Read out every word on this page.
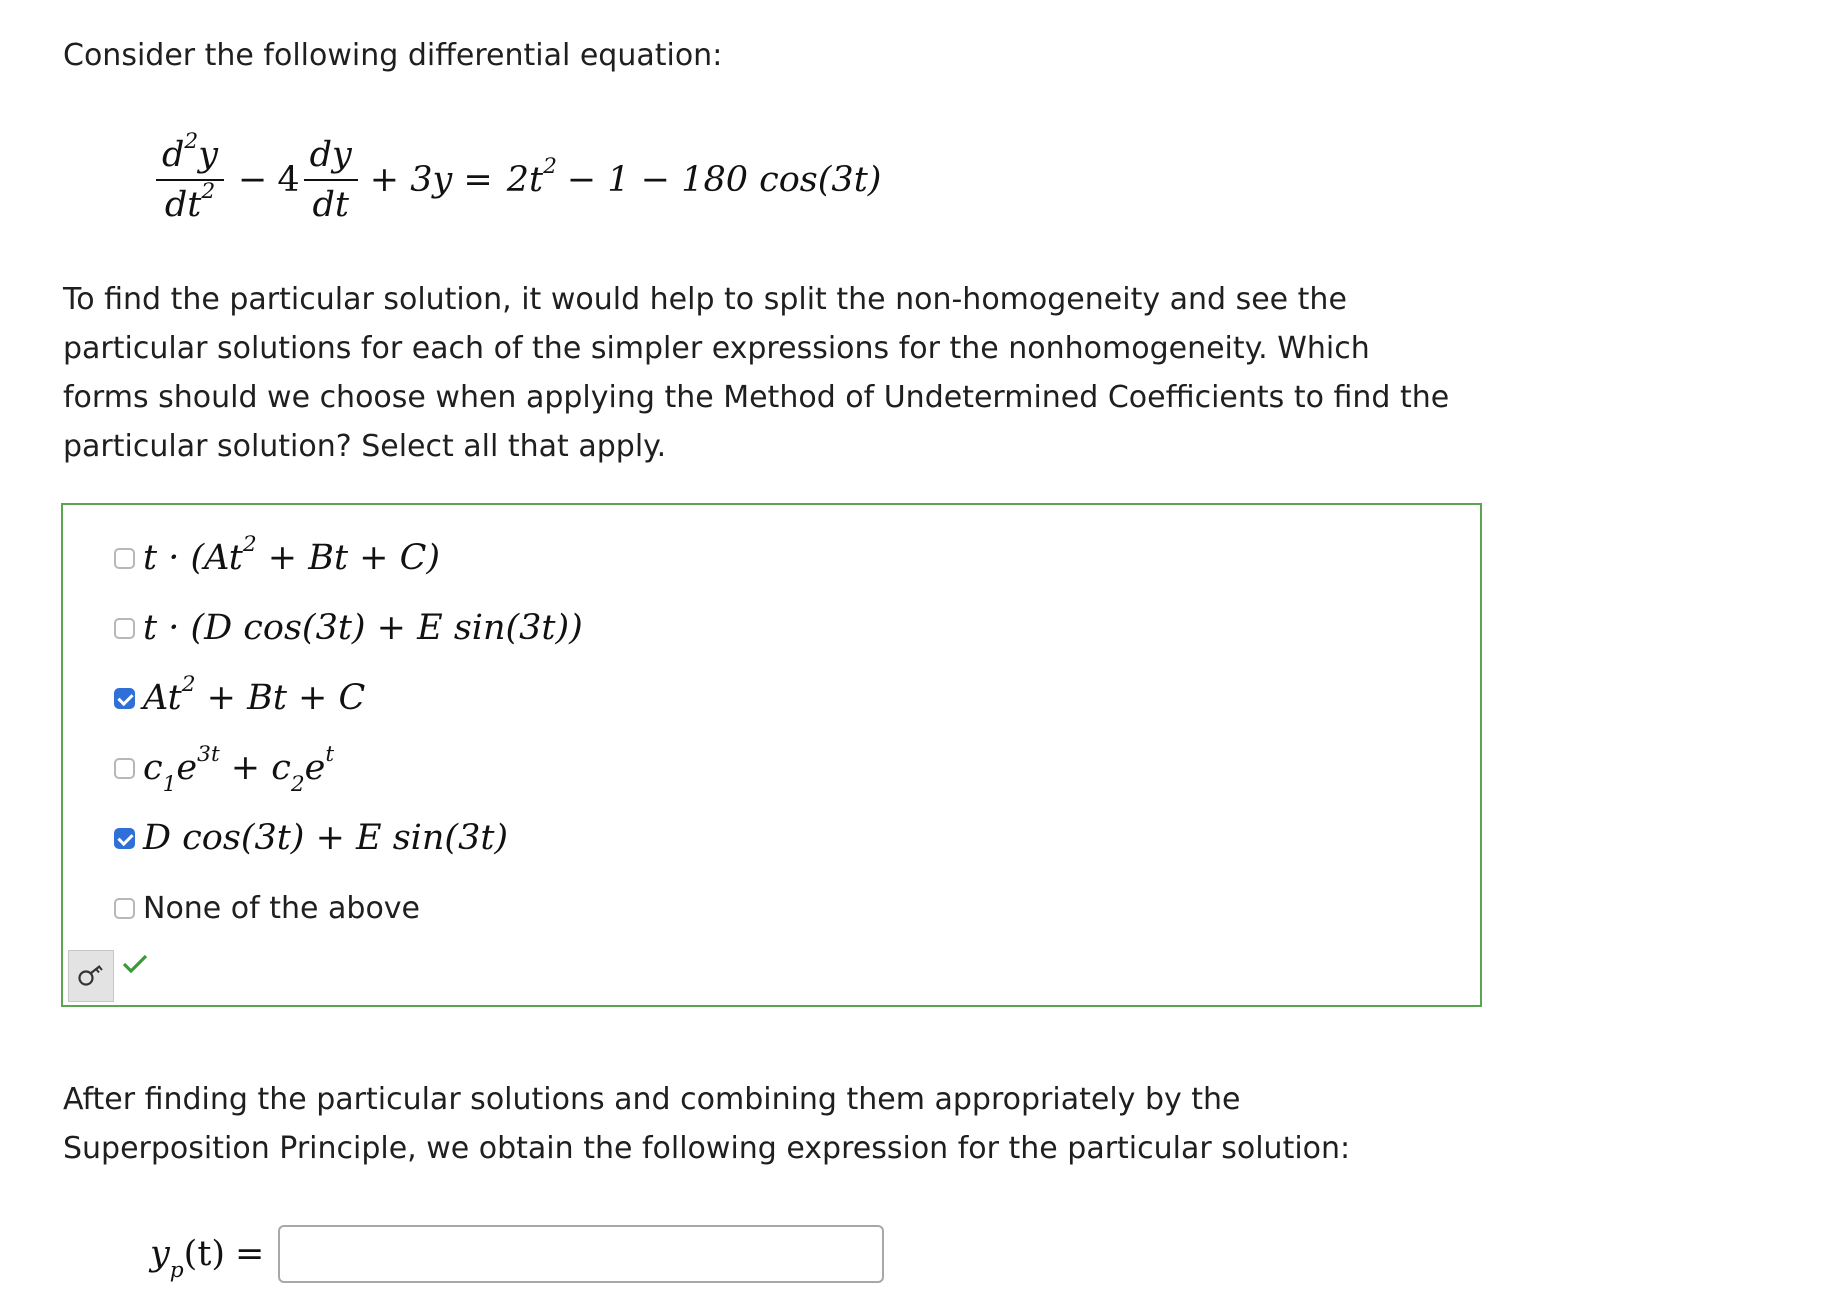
Consider the following differential equation:

$\frac{d^2y}{dt^2} - 4 \frac{dy}{dt} + 3y = 2t^2 - 1 - 180$ cos(3t)

To find the particular solution, it would help to split the non-homogeneity and see the particular solutions for each of the simpler expressions for the nonhomogeneity. Which forms should we choose when applying the Method of Undetermined Coefficients to find the particular solution? Select all that apply.

$t \cdot (At^2 + Bt + C)$
t · (D cos(3t) + E sin(3t))
$At^2 + Bt + C$
$c_1e^{3t} + c_2e^t$
D cos(3t) + E sin(3t)
None of the above

After finding the particular solutions and combining them appropriately by the Superposition Principle, we obtain the following expression for the particular solution:

$y_p(t)$ =
